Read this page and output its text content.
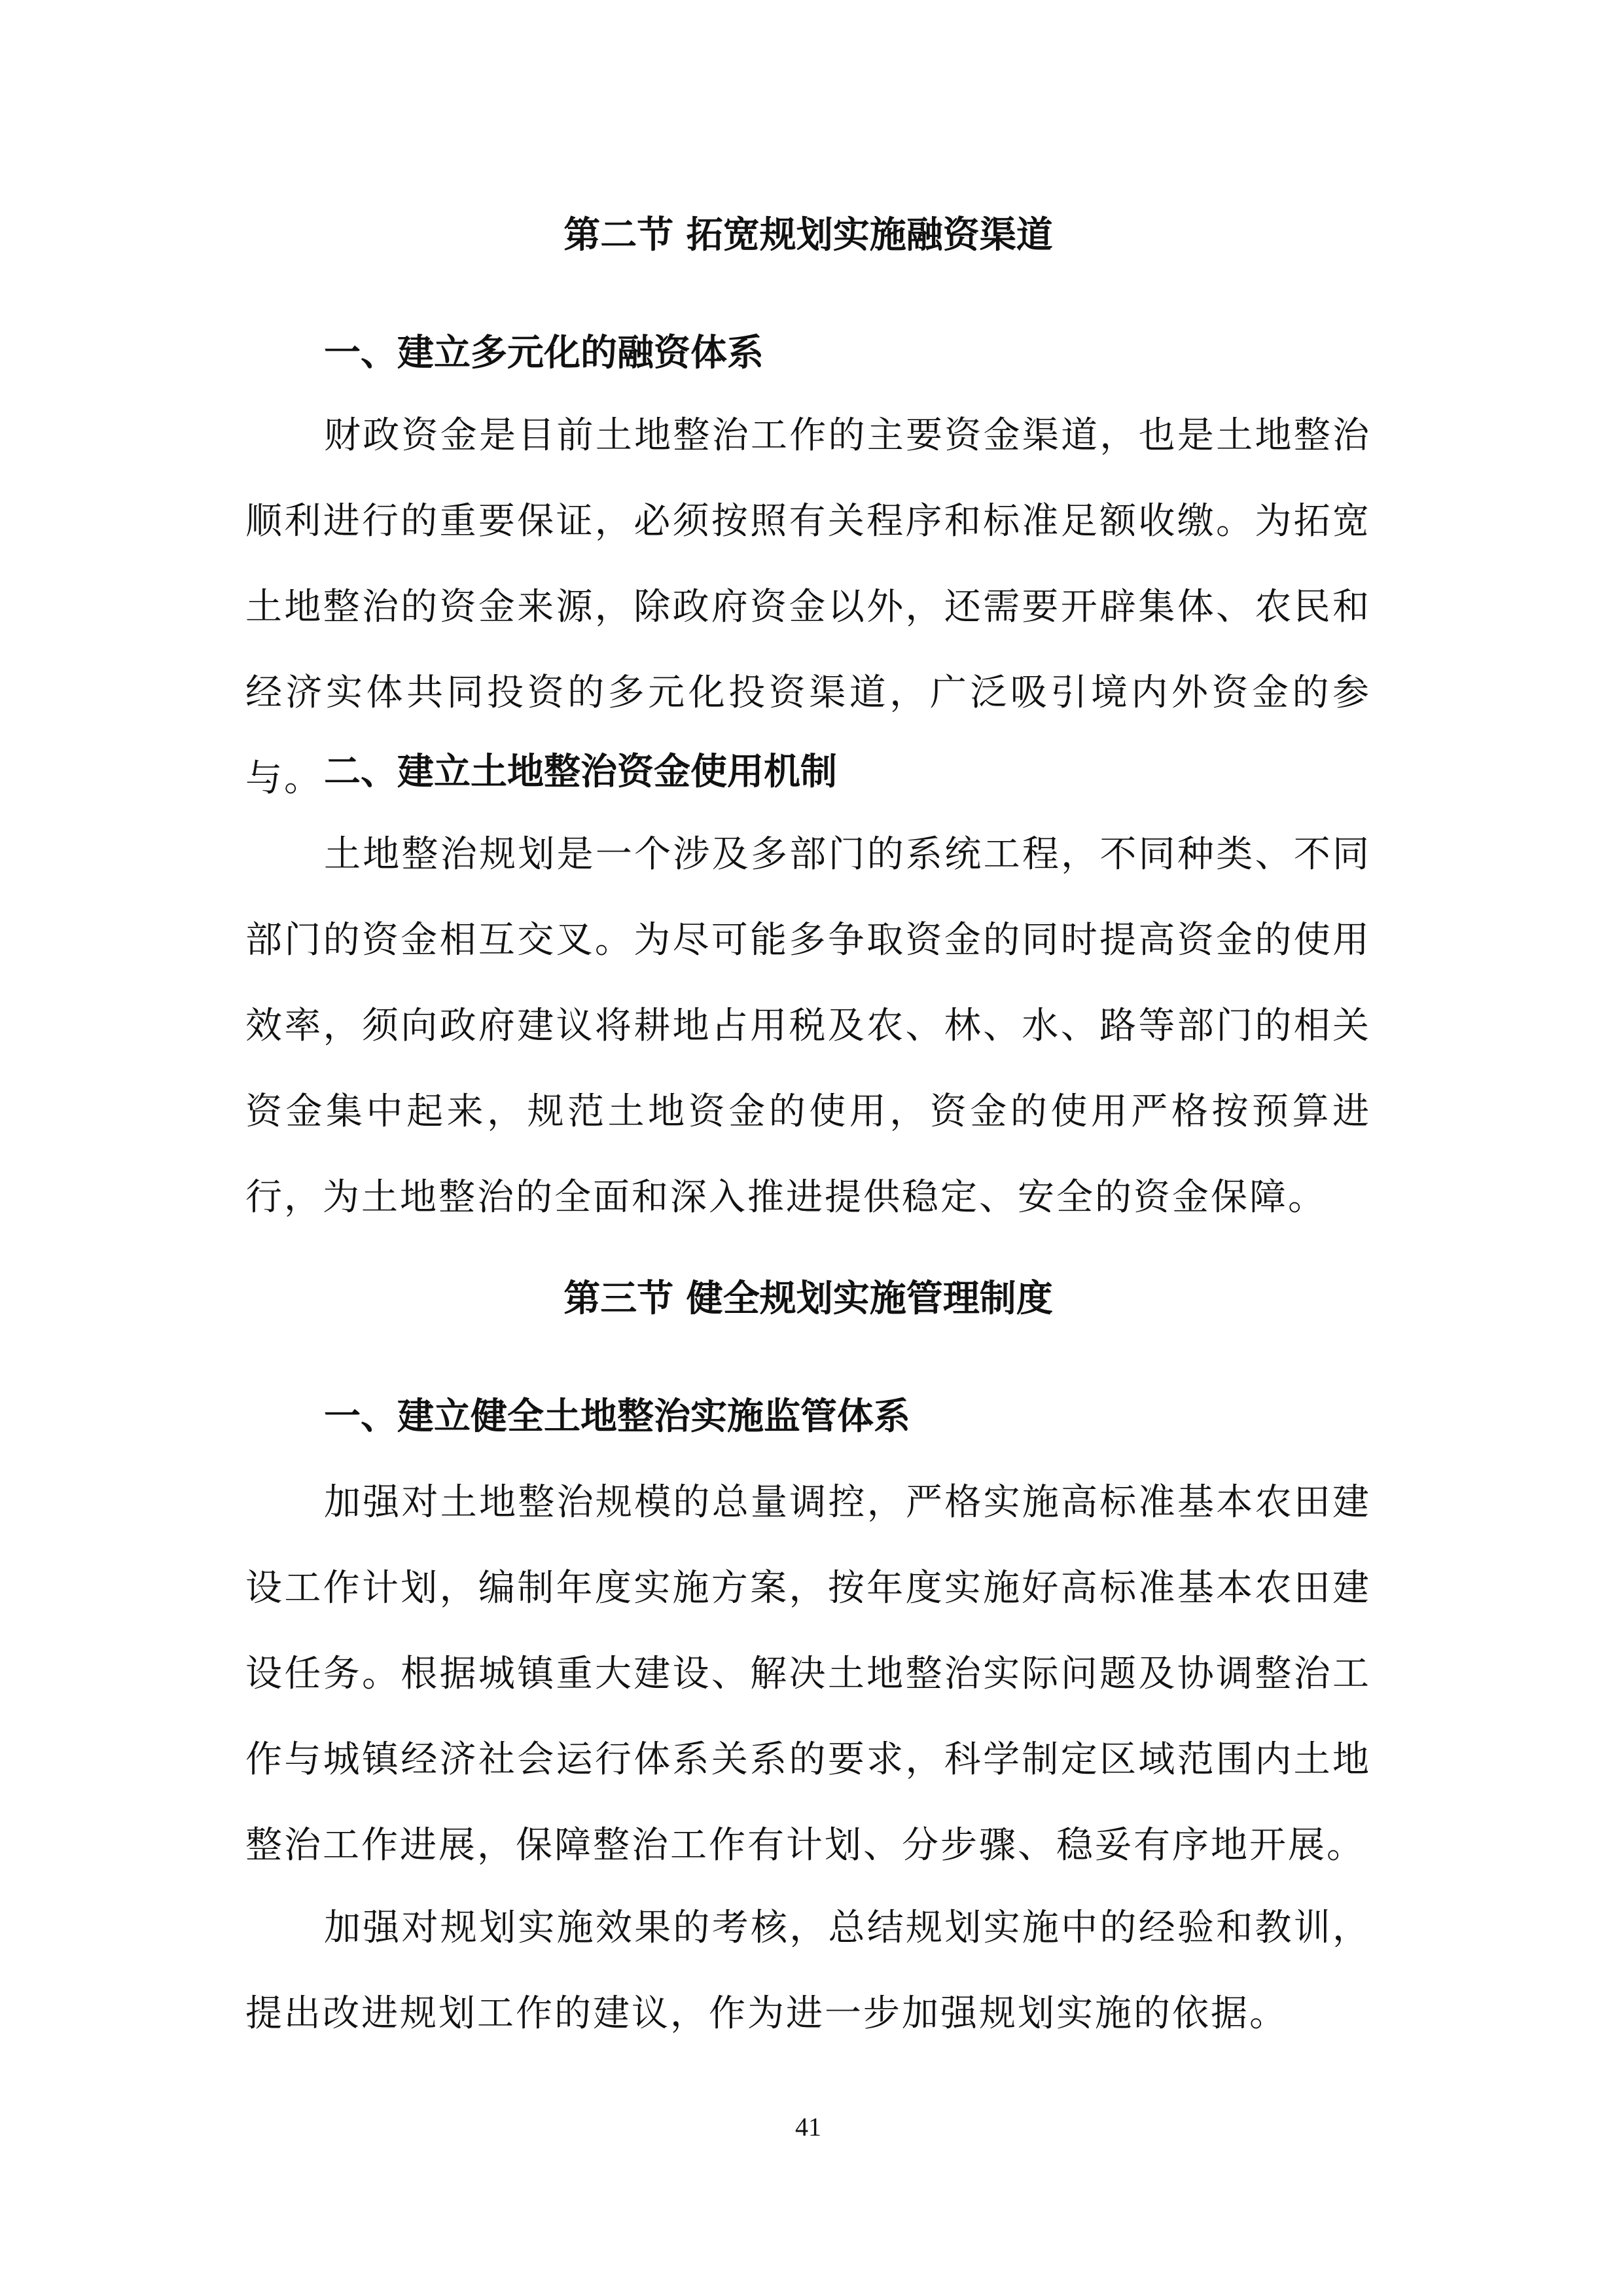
第二节 拓宽规划实施融资渠道
一、建立多元化的融资体系

财政资金是目前土地整治工作的主要资金渠道，也是土地整治顺利进行的重要保证，必须按照有关程序和标准足额收缴。为拓宽土地整治的资金来源，除政府资金以外，还需要开辟集体、农民和经济实体共同投资的多元化投资渠道，广泛吸引境内外资金的参与。 二、建立土地整治资金使用机制

土地整治规划是一个涉及多部门的系统工程，不同种类、不同部门的资金相互交叉。为尽可能多争取资金的同时提高资金的使用效率，须向政府建议将耕地占用税及农、林、水、路等部门的相关资金集中起来，规范土地资金的使用，资金的使用严格按预算进行，为土地整治的全面和深入推进提供稳定、安全的资金保障。

第三节 健全规划实施管理制度
一、建立健全土地整治实施监管体系

加强对土地整治规模的总量调控，严格实施高标准基本农田建设工作计划，编制年度实施方案，按年度实施好高标准基本农田建设任务。根据城镇重大建设、解决土地整治实际问题及协调整治工作与城镇经济社会运行体系关系的要求，科学制定区域范围内土地整治工作进展，保障整治工作有计划、分步骤、稳妥有序地开展。

加强对规划实施效果的考核，总结规划实施中的经验和教训，提出改进规划工作的建议，作为进一步加强规划实施的依据。

41
